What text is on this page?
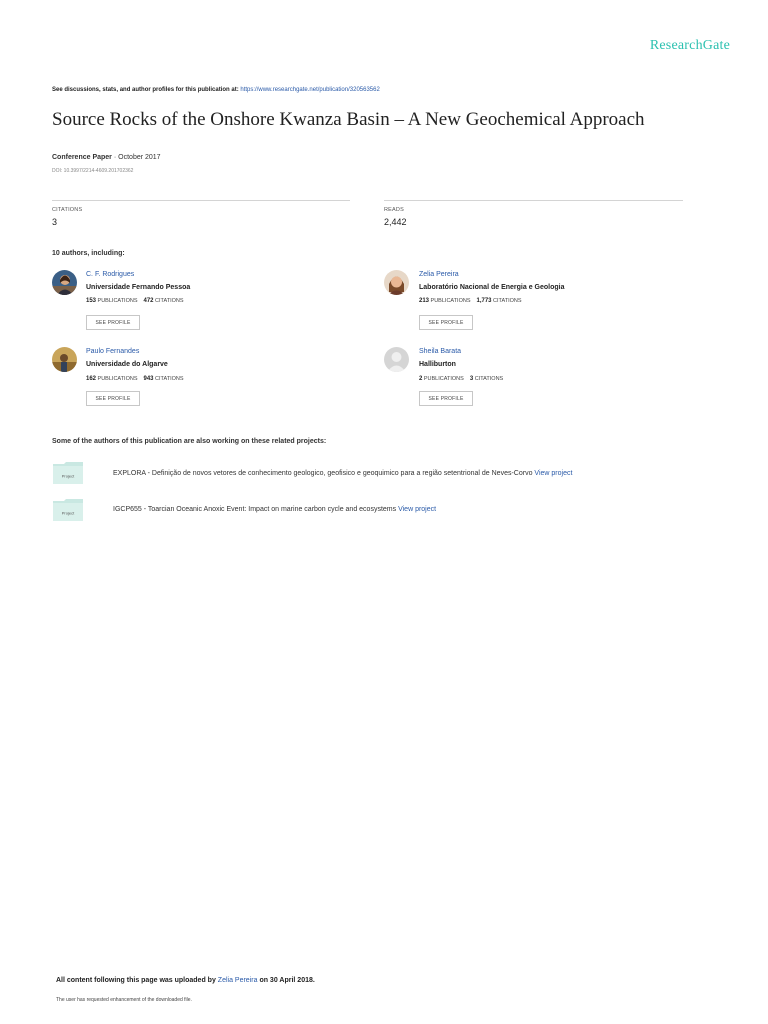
ResearchGate
See discussions, stats, and author profiles for this publication at: https://www.researchgate.net/publication/320563562
Source Rocks of the Onshore Kwanza Basin – A New Geochemical Approach
Conference Paper · October 2017
DOI: 10.3997/2214-4609.201702362
CITATIONS
3
READS
2,442
10 authors, including:
C. F. Rodrigues
Universidade Fernando Pessoa
153 PUBLICATIONS 472 CITATIONS
SEE PROFILE
Zelia Pereira
Laboratório Nacional de Energia e Geologia
213 PUBLICATIONS 1,773 CITATIONS
SEE PROFILE
Paulo Fernandes
Universidade do Algarve
162 PUBLICATIONS 943 CITATIONS
SEE PROFILE
Sheila Barata
Halliburton
2 PUBLICATIONS 3 CITATIONS
SEE PROFILE
Some of the authors of this publication are also working on these related projects:
Project	EXPLORA - Definição de novos vetores de conhecimento geologico, geofisico e geoquimico para a região setentrional de Neves-Corvo View project
Project	IGCP655 - Toarcian Oceanic Anoxic Event: Impact on marine carbon cycle and ecosystems View project
All content following this page was uploaded by Zelia Pereira on 30 April 2018.
The user has requested enhancement of the downloaded file.
